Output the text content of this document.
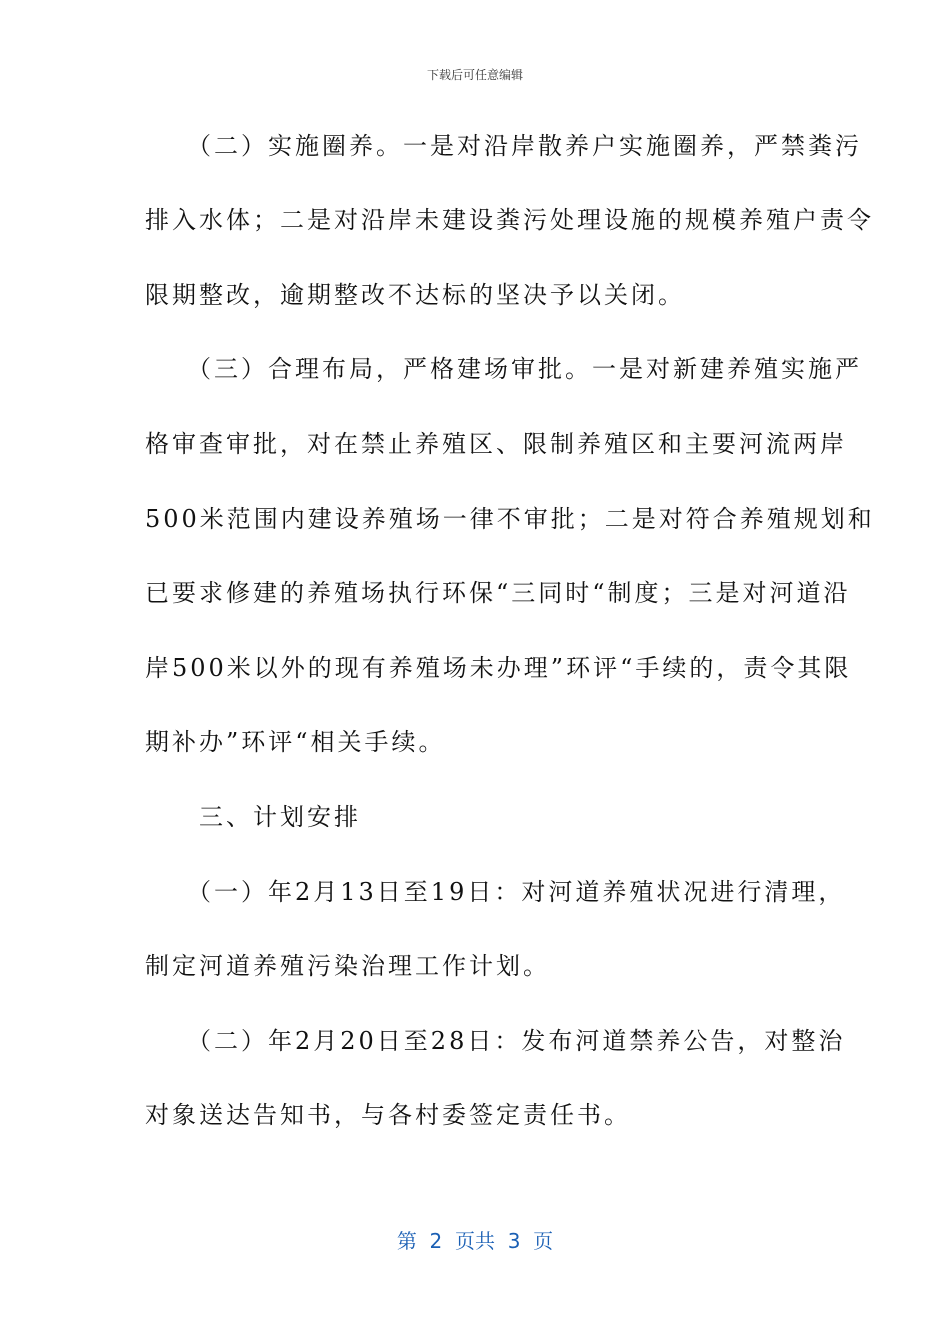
下载后可任意编辑
　　（二）实施圈养。一是对沿岸散养户实施圈养，严禁粪污
排入水体；二是对沿岸未建设粪污处理设施的规模养殖户责令
限期整改，逾期整改不达标的坚决予以关闭。
　　（三）合理布局，严格建场审批。一是对新建养殖实施严
格审查审批，对在禁止养殖区、限制养殖区和主要河流两岸
500米范围内建设养殖场一律不审批；二是对符合养殖规划和
已要求修建的养殖场执行环保“三同时“制度；三是对河道沿
岸500米以外的现有养殖场未办理”环评“手续的，责令其限
期补办”环评“相关手续。
　　三、计划安排
　　（一）年2月13日至19日：对河道养殖状况进行清理，
制定河道养殖污染治理工作计划。
　　（二）年2月20日至28日：发布河道禁养公告，对整治
对象送达告知书，与各村委签定责任书。
第  2  页共  3  页
